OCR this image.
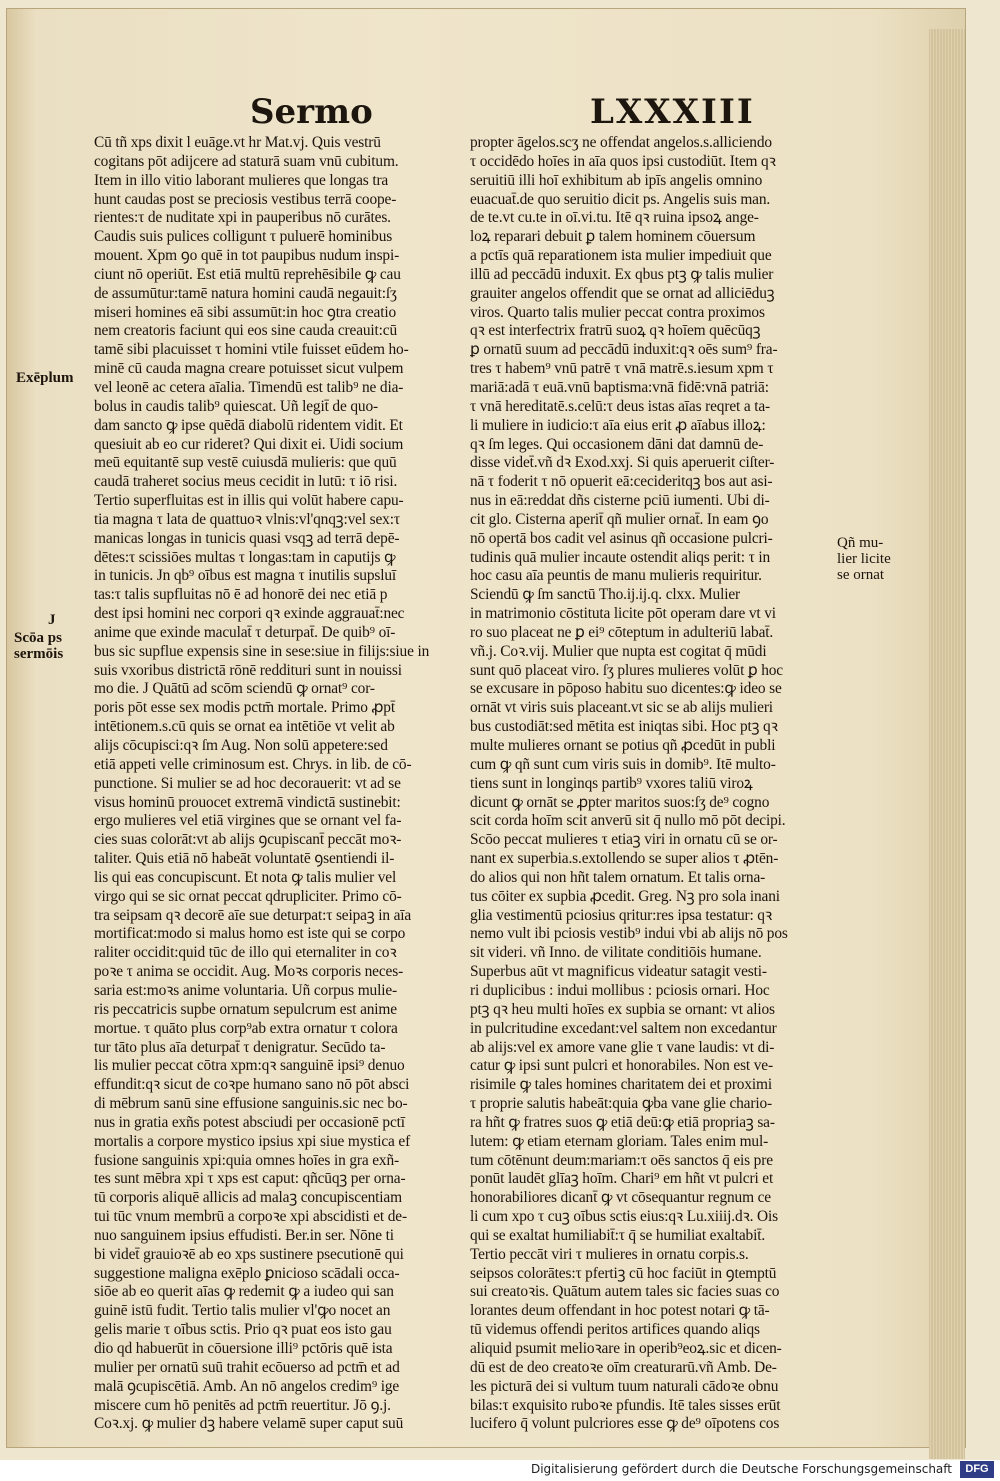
Sermo	LXXXIII
Cū tñ xps dixit l euāge.vt hr Mat.vj. Quis vestrū
cogitans pōt adijcere ad staturā suam vnū cubitum.
Item in illo vitio laborant mulieres que longas tra
hunt caudas post se preciosis vestibus terrā coope-
rientes:τ de nuditate xpi in pauperibus nō curātes.
Caudis suis pulices colligunt τ puluerē hominibus
mouent. Xpm ꝯo quē in tot paupibus nudum inspi-
ciunt nō operiūt. Est etiā multū reprehēsibile ꝙ cau
de assumūtur:tamē natura homini caudā negauit:ſʒ
miseri homines eā sibi assumūt:in hoc ꝯtra creatio
nem creatoris faciunt qui eos sine cauda creauit:cū
tamē sibi placuisset τ homini vtile fuisset eūdem ho-
minē cū cauda magna creare potuisset sicut vulpem
vel leonē ac cetera aīalia. Timendū est talib⁹ ne dia-
bolus in caudis talib⁹ quiescat. Uñ legit̄ de quo-
dam sancto ꝙ ipse quēdā diabolū ridentem vidit. Et
quesiuit ab eo cur rideret? Qui dixit ei. Uidi socium
meū equitantē sup vestē cuiusdā mulieris: que quū
caudā traheret socius meus cecidit in lutū: τ iō risi.
Tertio superfluitas est in illis qui volūt habere capu-
tia magna τ lata de quattuoꝛ vlnis:vl'qnqꝫ:vel sex:τ
manicas longas in tunicis quasi vsqꝫ ad terrā depē-
dētes:τ scissiōes multas τ longas:tam in caputijs ꝙ
in tunicis. Jn qb⁹ oībus est magna τ inutilis supsluī
tas:τ talis supfluitas nō ē ad honorē dei nec etiā p
dest ipsi homini nec corpori qꝛ exinde aggrauat̄:nec
anime que exinde maculat̄ τ deturpat̄. De quib⁹ oī-
bus sic supflue expensis sine in sese:siue in filijs:siue in
suis vxoribus districtā rōnē reddituri sunt in nouissi
mo die. J Quātū ad scōm sciendū ꝙ ornat⁹ cor-
poris pōt esse sex modis pctm̄ mortale. Primo ꝓpt̄
intētionem.s.cū quis se ornat ea intētiōe vt velit ab
alijs cōcupisci:qꝛ ſm Aug. Non solū appetere:sed
etiā appeti velle criminosum est. Chrys. in lib. de cō-
punctione. Si mulier se ad hoc decorauerit: vt ad se
visus hominū prouocet extremā vindictā sustinebit:
ergo mulieres vel etiā virgines que se ornant vel fa-
cies suas colorāt:vt ab alijs ꝯcupiscant̄ peccāt moꝛ-
taliter. Quis etiā nō habeāt voluntatē ꝯsentiendi il-
lis qui eas concupiscunt. Et nota ꝙ talis mulier vel
virgo qui se sic ornat peccat qdrupliciter. Primo cō-
tra seipsam qꝛ decorē aīe sue deturpat:τ seipaꝫ in aīa
mortificat:modo si malus homo est iste qui se corpo
raliter occidit:quid tūc de illo qui eternaliter in coꝛ
poꝛe τ anima se occidit. Aug. Moꝛs corporis neces-
saria est:moꝛs anime voluntaria. Uñ corpus mulie-
ris peccatricis supbe ornatum sepulcrum est anime
mortue. τ quāto plus corp⁹ab extra ornatur τ colora
tur tāto plus aīa deturpat̄ τ denigratur. Secūdo ta-
lis mulier peccat cōtra xpm:qꝛ sanguinē ipsi⁹ denuo
effundit:qꝛ sicut de coꝛpe humano sano nō pōt absci
di mēbrum sanū sine effusione sanguinis.sic nec bo-
nus in gratia exñs potest absciudi per occasionē pctī
mortalis a corpore mystico ipsius xpi siue mystica ef
fusione sanguinis xpi:quia omnes hoīes in gra exñ-
tes sunt mēbra xpi τ xps est caput: qñcūqꝫ per orna-
tū corporis aliquē allicis ad malaꝫ concupiscentiam
tui tūc vnum membrū a corpoꝛe xpi abscidisti et de-
nuo sanguinem ipsius effudisti. Ber.in ser. Nōne ti
bi videt̄ grauioꝛē ab eo xps sustinere psecutionē qui
suggestione maligna exēplo ꝑnicioso scādali occa-
siōe ab eo querit aīas ꝙ redemit ꝙ a iudeo qui san
guinē istū fudit. Tertio talis mulier vl'ꝙo nocet an
gelis marie τ oībus sctis. Prio qꝛ puat eos isto gau
dio qd habuerūt in cōuersione illi⁹ pctōris quē ista
mulier per ornatū suū trahit ecōuerso ad pctm̄ et ad
malā ꝯcupiscētiā. Amb. An nō angelos credim⁹ ige
miscere cum hō penitēs ad pctm̄ reuertitur. Jō ꝯ.j.
Coꝛ.xj. ꝙ mulier dꝫ habere velamē super caput suū
propter āgelos.scʒ ne offendat angelos.s.alliciendo
τ occidēdo hoīes in aīa quos ipsi custodiūt. Item qꝛ
seruitiū illi hoī exhibitum ab ipīs angelis omnino
euacuat̄.de quo seruitio dicit ps. Angelis suis man.
de te.vt cu.te in oī.vi.tu. Itē qꝛ ruina ipsoꝝ ange-
loꝝ reparari debuit ꝑ talem hominem cōuersum
a pctīs quā reparationem ista mulier impediuit que
illū ad peccādū induxit. Ex qbus ptꝫ ꝙ talis mulier
grauiter angelos offendit que se ornat ad alliciēduꝫ
viros. Quarto talis mulier peccat contra proximos
qꝛ est interfectrix fratrū suoꝝ qꝛ hoīem quēcūqꝫ
ꝑ ornatū suum ad peccādū induxit:qꝛ oēs sum⁹ fra-
tres τ habem⁹ vnū patrē τ vnā matrē.s.iesum xpm τ
mariā:adā τ euā.vnū baptisma:vnā fidē:vnā patriā:
τ vnā hereditatē.s.celū:τ deus istas aīas reqret a ta-
li muliere in iudicio:τ aīa eius erit ꝓ aīabus illoꝝ:
qꝛ ſm leges. Qui occasionem dāni dat damnū de-
disse videt̄.vñ dꝛ Exod.xxj. Si quis aperuerit ciſter-
nā τ foderit τ nō opuerit eā:cecideritqꝫ bos aut asi-
nus in eā:reddat dñs cisterne pciū iumenti. Ubi di-
cit glo. Cisterna aperit̄ qñ mulier ornat̄. In eam ꝯo
nō opertā bos cadit vel asinus qñ occasione pulcri-
tudinis quā mulier incaute ostendit aliqs perit: τ in
hoc casu aīa peuntis de manu mulieris requiritur.
Sciendū ꝙ ſm sanctū Tho.ij.ij.q. clxx. Mulier
in matrimonio cōstituta licite pōt operam dare vt vi
ro suo placeat ne ꝑ ei⁹ cōteptum in adulteriū labat̄.
vñ.j. Coꝛ.vij. Mulier que nupta est cogitat q̄ mūdi
sunt quō placeat viro. ſʒ plures mulieres volūt ꝑ hoc
se excusare in pōposo habitu suo dicentes:ꝙ ideo se
ornāt vt viris suis placeant.vt sic se ab alijs mulieri
bus custodiāt:sed mētita est iniqtas sibi. Hoc ptꝫ qꝛ
multe mulieres ornant se potius qñ ꝓcedūt in publi
cum ꝙ qñ sunt cum viris suis in domib⁹. Itē multo-
tiens sunt in longinqs partib⁹ vxores taliū viroꝝ
dicunt ꝙ ornāt se ꝓpter maritos suos:ſʒ de⁹ cogno
scit corda hoīm scit anverū sit q̄ nullo mō pōt decipi.
Scōo peccat mulieres τ etiaꝫ viri in ornatu cū se or-
nant ex superbia.s.extollendo se super alios τ ꝓtēn-
do alios qui non hñt talem ornatum. Et talis orna-
tus cōiter ex supbia ꝓcedit. Greg. Nꝫ pro sola inani
glia vestimentū pciosius qritur:res ipsa testatur: qꝛ
nemo vult ibi pciosis vestib⁹ indui vbi ab alijs nō pos
sit videri. vñ Inno. de vilitate conditiōis humane.
Superbus aūt vt magnificus videatur satagit vesti-
ri duplicibus : indui mollibus : pciosis ornari. Hoc
ptꝫ qꝛ heu multi hoīes ex supbia se ornant: vt alios
in pulcritudine excedant:vel saltem non excedantur
ab alijs:vel ex amore vane glie τ vane laudis: vt di-
catur ꝙ ipsi sunt pulcri et honorabiles. Non est ve-
risimile ꝙ tales homines charitatem dei et proximi
τ proprie salutis habeāt:quia ꝙba vane glie chario-
ra hñt ꝙ fratres suos ꝙ etiā deū:ꝙ etiā propriaꝫ sa-
lutem: ꝙ etiam eternam gloriam. Tales enim mul-
tum cōtēnunt deum:mariam:τ oēs sanctos q̄ eis pre
ponūt laudēt glīaꝫ hoīm. Chari⁹ em hñt vt pulcri et
honorabiliores dicant̄ ꝙ vt cōsequantur regnum ce
li cum xpo τ cuꝫ oībus sctis eius:qꝛ Lu.xiiij.dꝛ. Ois
qui se exaltat humiliabit̄:τ q̄ se humiliat exaltabit̄.
Tertio peccāt viri τ mulieres in ornatu corpis.s.
seipsos colorātes:τ pfertiꝫ cū hoc faciūt in ꝯtemptū
sui creatoꝛis. Quātum autem tales sic facies suas co
lorantes deum offendant in hoc potest notari ꝙ tā-
tū videmus offendi peritos artifices quando aliqs
aliquid psumit melioꝛare in operib⁹eoꝝ.sic et dicen-
dū est de deo creatoꝛe oīm creaturarū.vñ Amb. De-
les picturā dei si vultum tuum naturali cādoꝛe obnu
bilas:τ exquisito ruboꝛe pfundis. Itē tales sisses erūt
lucifero q̄ volunt pulcriores esse ꝙ de⁹ oīpotens cos
Exēplum
J
Scōa ps
sermōis
Qñ mu-
lier licite
se ornat
Digitalisierung gefördert durch die Deutsche Forschungsgemeinschaft	DFG
